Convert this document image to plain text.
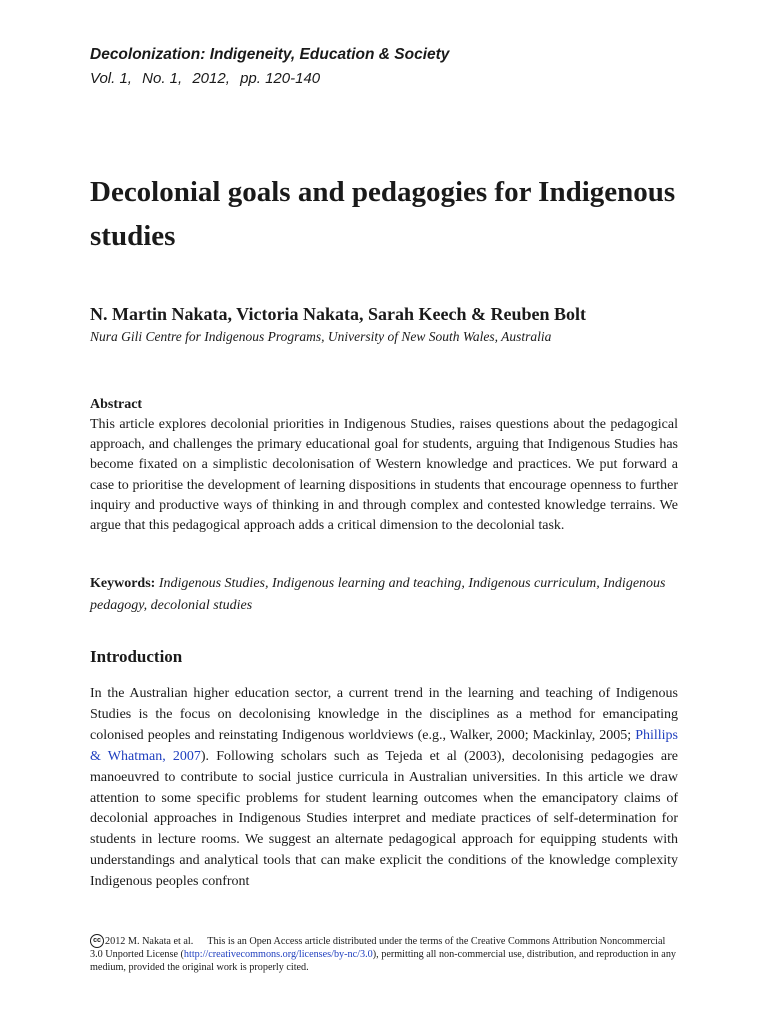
Decolonization: Indigeneity, Education & Society
Vol. 1, No. 1, 2012, pp. 120-140
Decolonial goals and pedagogies for Indigenous studies
N. Martin Nakata, Victoria Nakata, Sarah Keech & Reuben Bolt
Nura Gili Centre for Indigenous Programs, University of New South Wales, Australia
Abstract

This article explores decolonial priorities in Indigenous Studies, raises questions about the pedagogical approach, and challenges the primary educational goal for students, arguing that Indigenous Studies has become fixated on a simplistic decolonisation of Western knowledge and practices. We put forward a case to prioritise the development of learning dispositions in students that encourage openness to further inquiry and productive ways of thinking in and through complex and contested knowledge terrains. We argue that this pedagogical approach adds a critical dimension to the decolonial task.

Keywords: Indigenous Studies, Indigenous learning and teaching, Indigenous curriculum, Indigenous pedagogy, decolonial studies

Introduction

In the Australian higher education sector, a current trend in the learning and teaching of Indigenous Studies is the focus on decolonising knowledge in the disciplines as a method for emancipating colonised peoples and reinstating Indigenous worldviews (e.g., Walker, 2000; Mackinlay, 2005; Phillips & Whatman, 2007). Following scholars such as Tejeda et al (2003), decolonising pedagogies are manoeuvred to contribute to social justice curricula in Australian universities. In this article we draw attention to some specific problems for student learning outcomes when the emancipatory claims of decolonial approaches in Indigenous Studies interpret and mediate practices of self-determination for students in lecture rooms. We suggest an alternate pedagogical approach for equipping students with understandings and analytical tools that can make explicit the conditions of the knowledge complexity Indigenous peoples confront

cc 2012 M. Nakata et al. This is an Open Access article distributed under the terms of the Creative Commons Attribution Noncommercial 3.0 Unported License (http://creativecommons.org/licenses/by-nc/3.0), permitting all non-commercial use, distribution, and reproduction in any medium, provided the original work is properly cited.
